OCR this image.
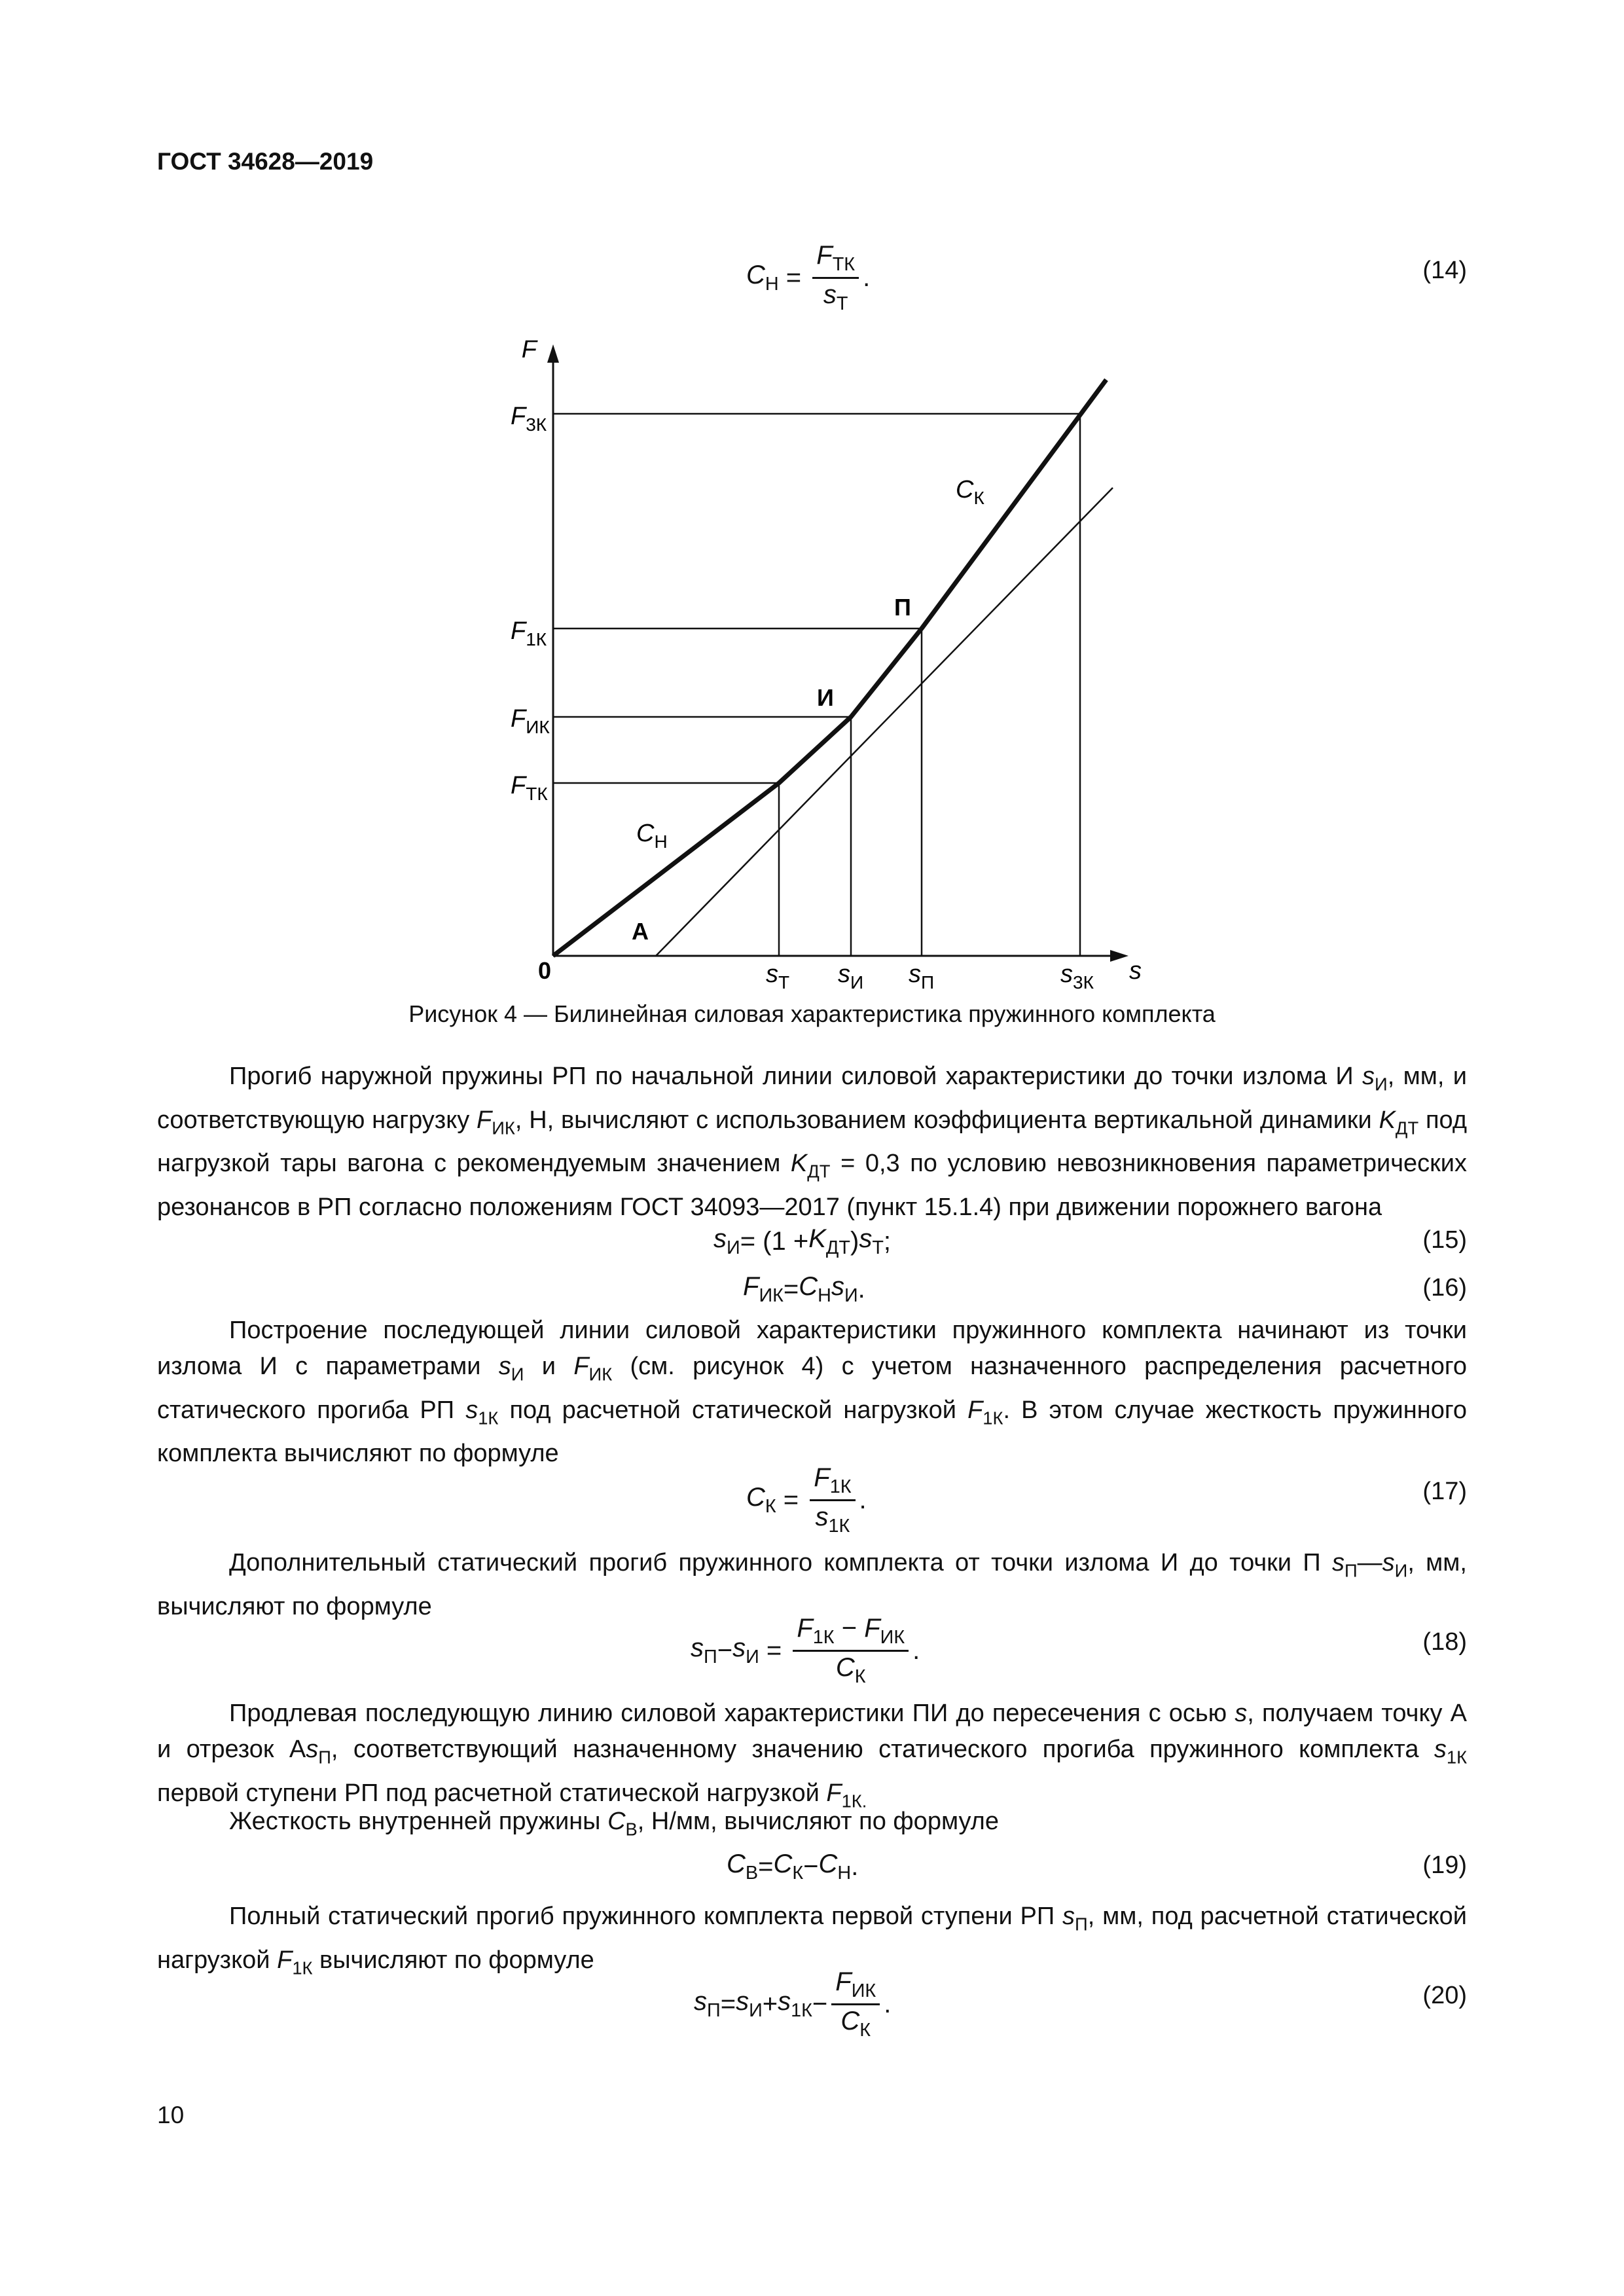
ГОСТ 34628—2019
$C_Н = \frac{F_{ТК}}{s_Т}$ .	(14)
F
$F_{3К}$
$F_{1К}$
$F_{ИК}$
$F_{ТК}$
0	$s_Т$ $s_И$ $s_П$	$s_{3К}$ s
А
И
П
$C_К$
$C_Н$
Рисунок 4 — Билинейная силовая характеристика пружинного комплекта
Прогиб наружной пружины РП по начальной линии силовой характеристики до точки излома И $s_И$, мм, и соответствующую нагрузку $F_{ИК}$, Н, вычисляют с использованием коэффициента вертикальной динамики $K_{ДТ}$ под нагрузкой тары вагона с рекомендуемым значением $K_{ДТ} = 0,3$ по условию невозникновения параметрических резонансов в РП согласно положениям ГОСТ 34093—2017 (пункт 15.1.4) при движении порожнего вагона
$s_И = (1 + K_{ДТ}$ ) $s_Т$ ;	(15)
$F_{ИК} = C_Н$ $s_И$ .	(16)
Построение последующей линии силовой характеристики пружинного комплекта начинают из точки излома И с параметрами $s_И$ и $F_{ИК}$ (см. рисунок 4) с учетом назначенного распределения расчетного статического прогиба РП $s_{1К}$ под расчетной статической нагрузкой $F_{1К}$. В этом случае жесткость пружинного комплекта вычисляют по формуле
$C_К = \frac{F_{1К}}{s_{1К}}$ .	(17)
Дополнительный статический прогиб пружинного комплекта от точки излома И до точки П $s_П—s_И$, мм, вычисляют по формуле
$s_П - s_И = \frac{F_{1К} - F_{ИК}}{C_К}$ .	(18)
Продлевая последующую линию силовой характеристики ПИ до пересечения с осью s, получаем точку А и отрезок $Аs_П$, соответствующий назначенному значению статического прогиба пружинного комплекта $s_{1К}$ первой ступени РП под расчетной статической нагрузкой $F_{1К.}$
Жесткость внутренней пружины $C_В$, Н/мм, вычисляют по формуле
$C_В = C_К - C_Н$ .	(19)
Полный статический прогиб пружинного комплекта первой ступени РП $s_П$, мм, под расчетной статической нагрузкой $F_{1К}$ вычисляют по формуле
$s_П = s_И + s_{1К} - \frac{F_{ИК}}{C_К}$ .	(20)
10
